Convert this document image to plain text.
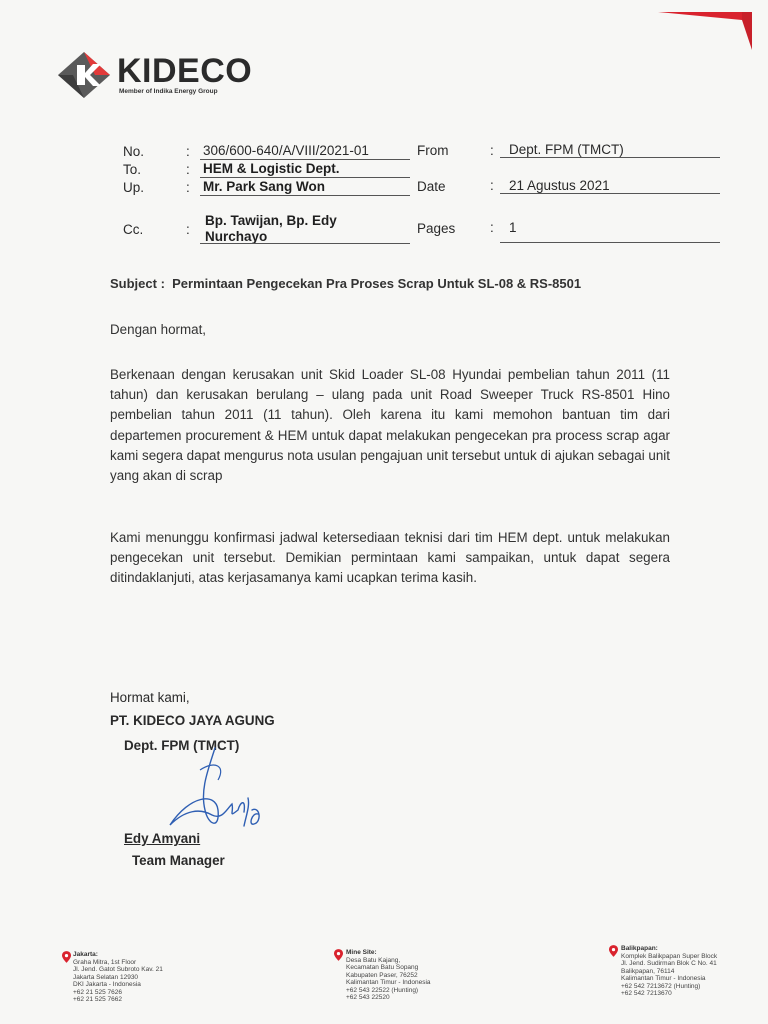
KIDECO
Member of Indika Energy Group
No.	: 306/600-640/A/VIII/2021-01
To.	: HEM & Logistic Dept.
Up.	: Mr. Park Sang Won
Cc.	:
Bp. Tawijan, Bp. Edy
Nurchayo
From	: Dept. FPM (TMCT)
Date	: 21 Agustus 2021
Pages	: 1
Subject : Permintaan Pengecekan Pra Proses Scrap Untuk SL-08 & RS-8501
Dengan hormat,
Berkenaan dengan kerusakan unit Skid Loader SL-08 Hyundai pembelian tahun 2011 (11 tahun) dan kerusakan berulang – ulang pada unit Road Sweeper Truck RS-8501 Hino pembelian tahun 2011 (11 tahun). Oleh karena itu kami memohon bantuan tim dari departemen procurement & HEM untuk dapat melakukan pengecekan pra process scrap agar kami segera dapat mengurus nota usulan pengajuan unit tersebut untuk di ajukan sebagai unit yang akan di scrap
Kami menunggu konfirmasi jadwal ketersediaan teknisi dari tim HEM dept. untuk melakukan pengecekan unit tersebut. Demikian permintaan kami sampaikan, untuk dapat segera ditindaklanjuti, atas kerjasamanya kami ucapkan terima kasih.
Hormat kami,
PT. KIDECO JAYA AGUNG
Dept. FPM (TMCT)
Edy Amyani
Team Manager
Jakarta:
Graha Mitra, 1st Floor
Jl. Jend. Gatot Subroto Kav. 21
Jakarta Selatan 12930
DKI Jakarta - Indonesia
+62 21 525 7626
+62 21 525 7662
Mine Site:
Desa Batu Kajang,
Kecamatan Batu Sopang
Kabupaten Paser, 76252
Kalimantan Timur - Indonesia
+62 543 22522 (Hunting)
+62 543 22520
Balikpapan:
Komplek Balikpapan Super Block
Jl. Jend. Sudirman Blok C No. 41
Balikpapan, 76114
Kalimantan Timur - Indonesia
+62 542 7213672 (Hunting)
+62 542 7213670
